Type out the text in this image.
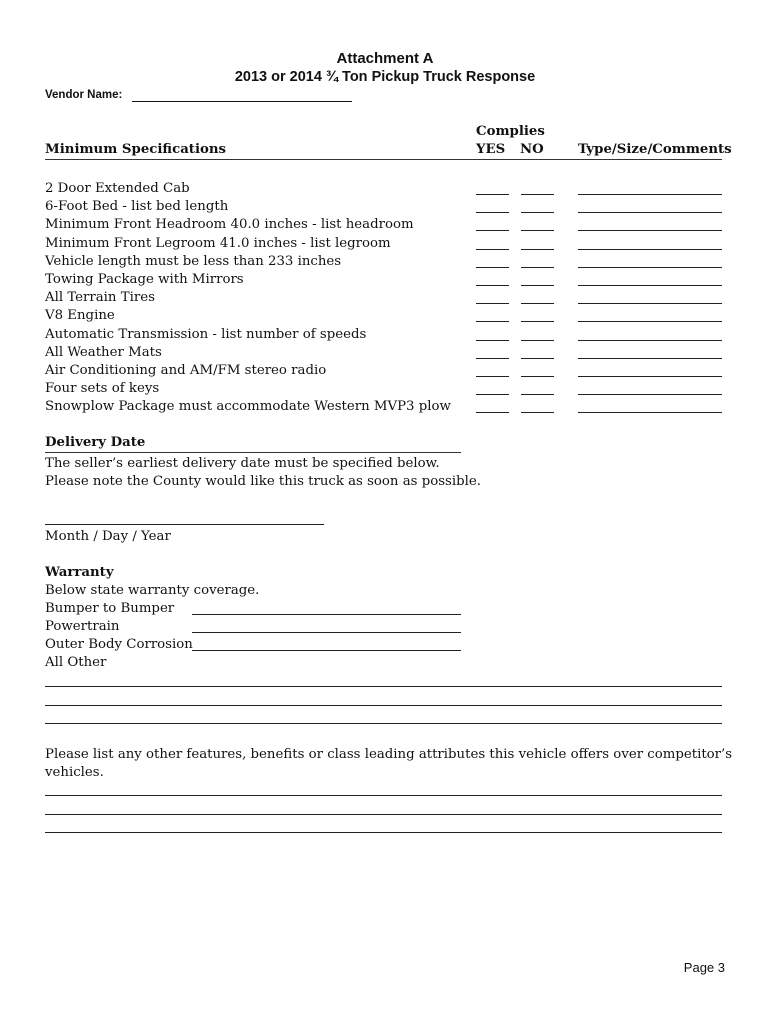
Attachment A
2013 or 2014 ¾ Ton Pickup Truck Response
Vendor Name:
Complies
Minimum Specifications	YES NO	Type/Size/Comments
2 Door Extended Cab
6-Foot Bed - list bed length
Minimum Front Headroom 40.0 inches - list headroom
Minimum Front Legroom 41.0 inches - list legroom
Vehicle length must be less than 233 inches
Towing Package with Mirrors
All Terrain Tires
V8 Engine
Automatic Transmission - list number of speeds
All Weather Mats
Air Conditioning and AM/FM stereo radio
Four sets of keys
Snowplow Package must accommodate Western MVP3 plow
Delivery Date
The seller’s earliest delivery date must be specified below.
Please note the County would like this truck as soon as possible.
Month / Day / Year
Warranty
Below state warranty coverage.
Bumper to Bumper
Powertrain
Outer Body Corrosion
All Other
Please list any other features, benefits or class leading attributes this vehicle offers over competitor’s
vehicles.
Page 3
